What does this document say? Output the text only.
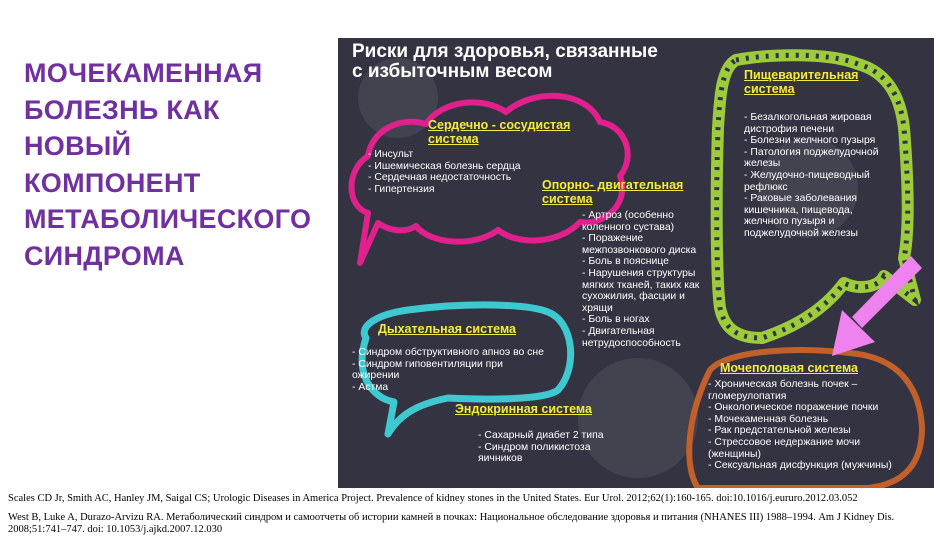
МОЧЕКАМЕННАЯ
БОЛЕЗНЬ КАК
НОВЫЙ
КОМПОНЕНТ
МЕТАБОЛИЧЕСКОГО
СИНДРОМА
Риски для здоровья, связанные
с избыточным весом
Сердечно - сосудистая
система
- Инсульт
- Ишемическая болезнь сердца
- Сердечная недостаточность
- Гипертензия	Опорно- двигательная
система
- Артроз (особенно
коленного сустава)
- Поражение
межпозвонкового диска
- Боль в пояснице
- Нарушения структуры
мягких тканей, таких как
сухожилия, фасции и
хрящи
- Боль в ногах
- Двигательная
нетрудоспособность
Пищеварительная
система
- Безалкогольная жировая
дистрофия печени
- Болезни желчного пузыря
- Патология поджелудочной
железы
- Желудочно-пищеводный
рефлюкс
- Раковые заболевания
кишечника, пищевода,
желчного пузыря и
поджелудочной железы
Дыхательная система
- Синдром обструктивного апноэ во сне
- Синдром гиповентиляции при
ожирении
- Астма
Эндокринная система
- Сахарный диабет 2 типа
- Синдром поликистоза
яичников
Мочеполовая система
- Хроническая болезнь почек –
гломерулопатия
- Онкологическое поражение почки
- Мочекаменная болезнь
- Рак предстательной железы
- Стрессовое недержание мочи
(женщины)
- Сексуальная дисфункция (мужчины)

Scales CD Jr, Smith AC, Hanley JM, Saigal CS; Urologic Diseases in America Project. Prevalence of kidney stones in the United States. Eur Urol. 2012;62(1):160-165. doi:10.1016/j.eururo.2012.03.052

West B, Luke A, Durazo-Arvizu RA. Метаболический синдром и самоотчеты об истории камней в почках: Национальное обследование здоровья и питания (NHANES III) 1988–1994. Am J Kidney Dis. 2008;51:741–747. doi: 10.1053/j.ajkd.2007.12.030
